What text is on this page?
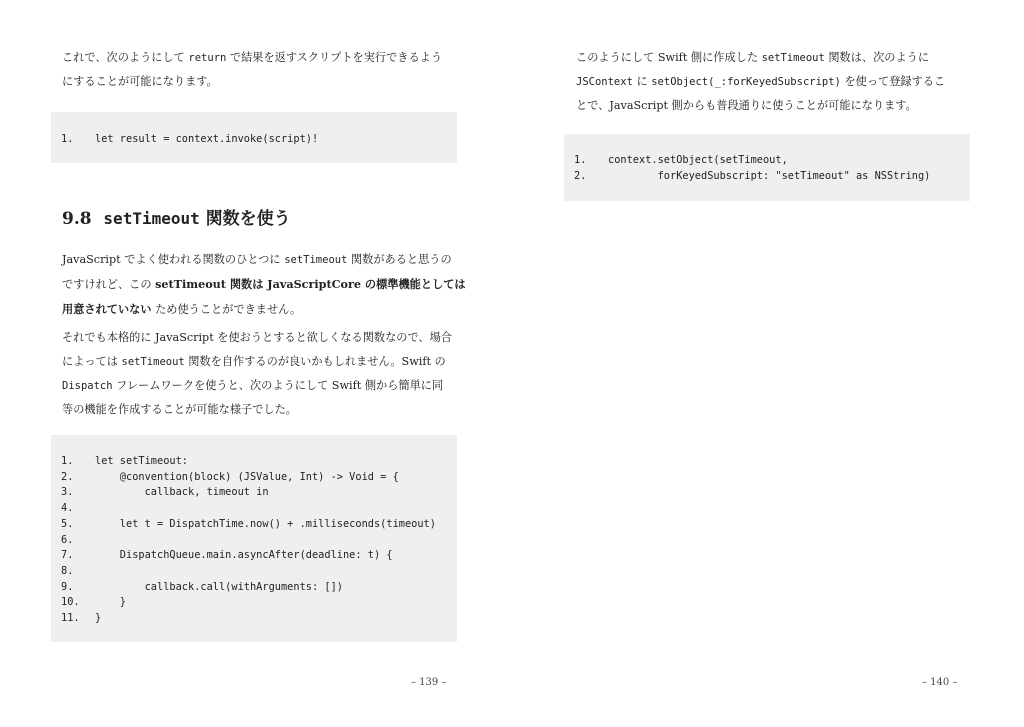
これで、次のようにして return で結果を返すスクリプトを実行できるよう
にすることが可能になります。

1. let result = context.invoke(script)!
9.8 setTimeout 関数を使う

JavaScript でよく使われる関数のひとつに setTimeout 関数があると思うの
ですけれど、この setTimeout 関数は JavaScriptCore の標準機能としては
用意されていない ため使うことができません。

それでも本格的に JavaScript を使おうとすると欲しくなる関数なので、場合
によっては setTimeout 関数を自作するのが良いかもしれません。Swift の
Dispatch フレームワークを使うと、次のようにして Swift 側から簡単に同
等の機能を作成することが可能な様子でした。

1. let setTimeout:
2.    @convention(block) (JSValue, Int) -> Void = {
3.        callback, timeout in
4.
5.    let t = DispatchTime.now() + .milliseconds(timeout)
6.
7.    DispatchQueue.main.asyncAfter(deadline: t) {
8.
9.        callback.call(withArguments: [])
10.    }
11. }
– 139 –

このようにして Swift 側に作成した setTimeout 関数は、次のように
JSContext に setObject(_:forKeyedSubscript) を使って登録するこ
とで、JavaScript 側からも普段通りに使うことが可能になります。

1. context.setObject(setTimeout,
2.        forKeyedSubscript: "setTimeout" as NSString)
– 140 –
